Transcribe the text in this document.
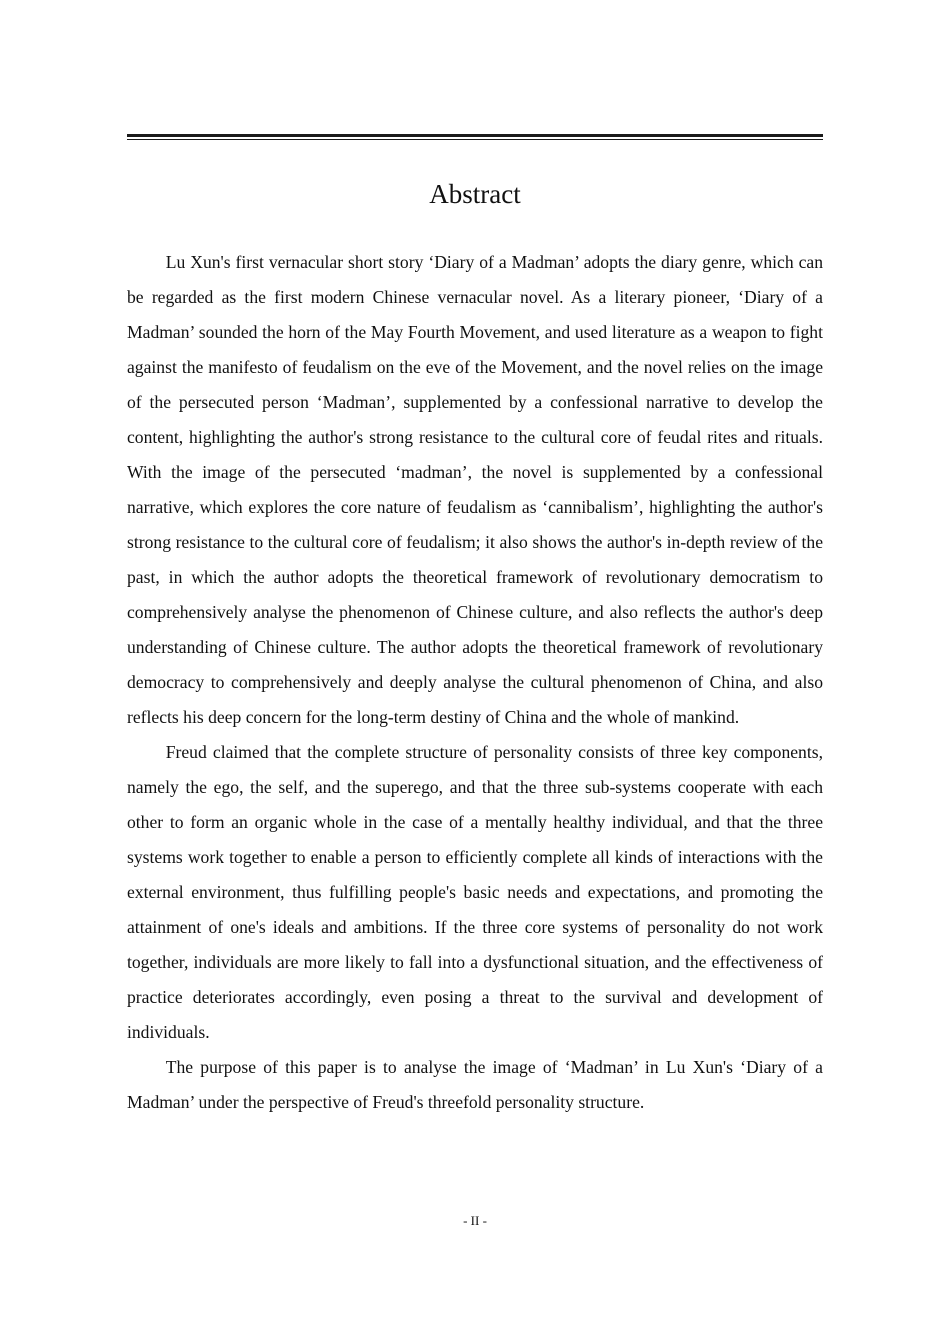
Abstract

Lu Xun's first vernacular short story ‘Diary of a Madman’ adopts the diary genre, which can be regarded as the first modern Chinese vernacular novel. As a literary pioneer, ‘Diary of a Madman’ sounded the horn of the May Fourth Movement, and used literature as a weapon to fight against the manifesto of feudalism on the eve of the Movement, and the novel relies on the image of the persecuted person ‘Madman’, supplemented by a confessional narrative to develop the content, highlighting the author's strong resistance to the cultural core of feudal rites and rituals. With the image of the persecuted ‘madman’, the novel is supplemented by a confessional narrative, which explores the core nature of feudalism as ‘cannibalism’, highlighting the author's strong resistance to the cultural core of feudalism; it also shows the author's in-depth review of the past, in which the author adopts the theoretical framework of revolutionary democratism to comprehensively analyse the phenomenon of Chinese culture, and also reflects the author's deep understanding of Chinese culture. The author adopts the theoretical framework of revolutionary democracy to comprehensively and deeply analyse the cultural phenomenon of China, and also reflects his deep concern for the long-term destiny of China and the whole of mankind.

Freud claimed that the complete structure of personality consists of three key components, namely the ego, the self, and the superego, and that the three sub-systems cooperate with each other to form an organic whole in the case of a mentally healthy individual, and that the three systems work together to enable a person to efficiently complete all kinds of interactions with the external environment, thus fulfilling people's basic needs and expectations, and promoting the attainment of one's ideals and ambitions. If the three core systems of personality do not work together, individuals are more likely to fall into a dysfunctional situation, and the effectiveness of practice deteriorates accordingly, even posing a threat to the survival and development of individuals.

The purpose of this paper is to analyse the image of ‘Madman’ in Lu Xun's ‘Diary of a Madman’ under the perspective of Freud's threefold personality structure.

- II -
